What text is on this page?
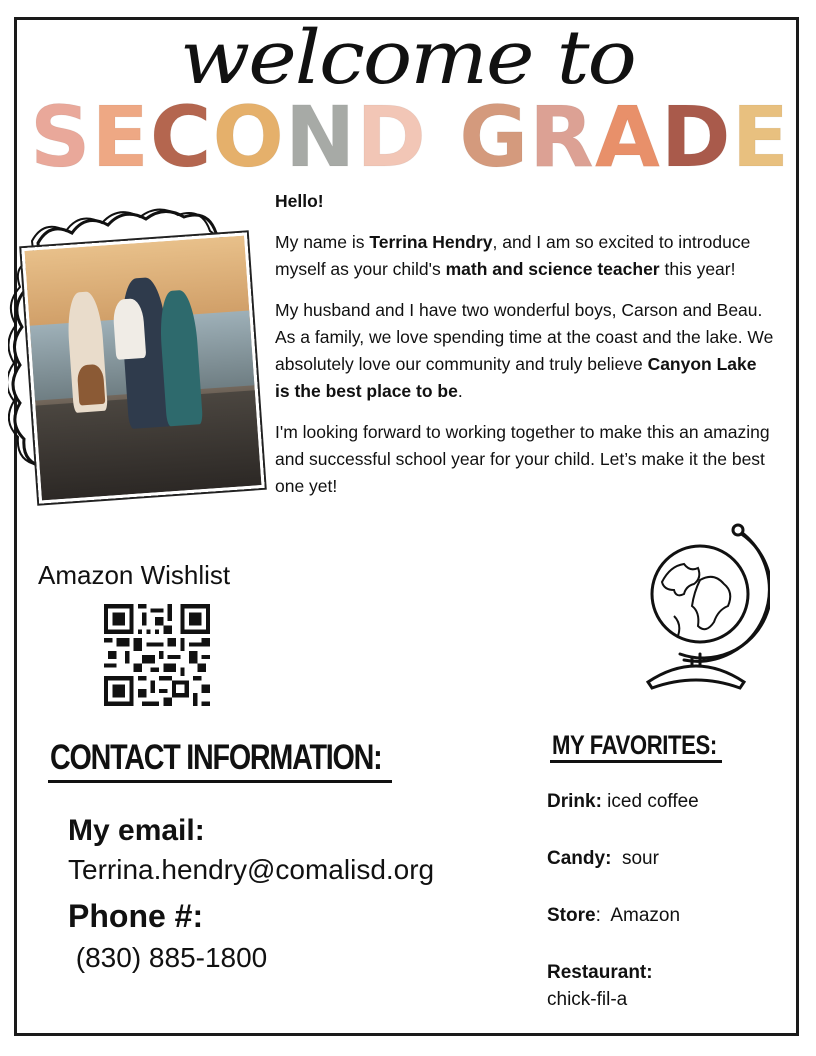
welcome to
S E C O N D G R A D E

Hello!

My name is Terrina Hendry, and I am so excited to introduce myself as your child's math and science teacher this year!

My husband and I have two wonderful boys, Carson and Beau. As a family, we love spending time at the coast and the lake. We absolutely love our community and truly believe Canyon Lake is the best place to be.

I'm looking forward to working together to make this an amazing and successful school year for your child. Let’s make it the best one yet!

Amazon Wishlist
CONTACT INFORMATION:
My email:
Terrina.hendry@comalisd.org
Phone #:
(830) 885-1800
MY FAVORITES:
Drink: iced coffee
Candy:  sour
Store:  Amazon
Restaurant:
chick-fil-a
